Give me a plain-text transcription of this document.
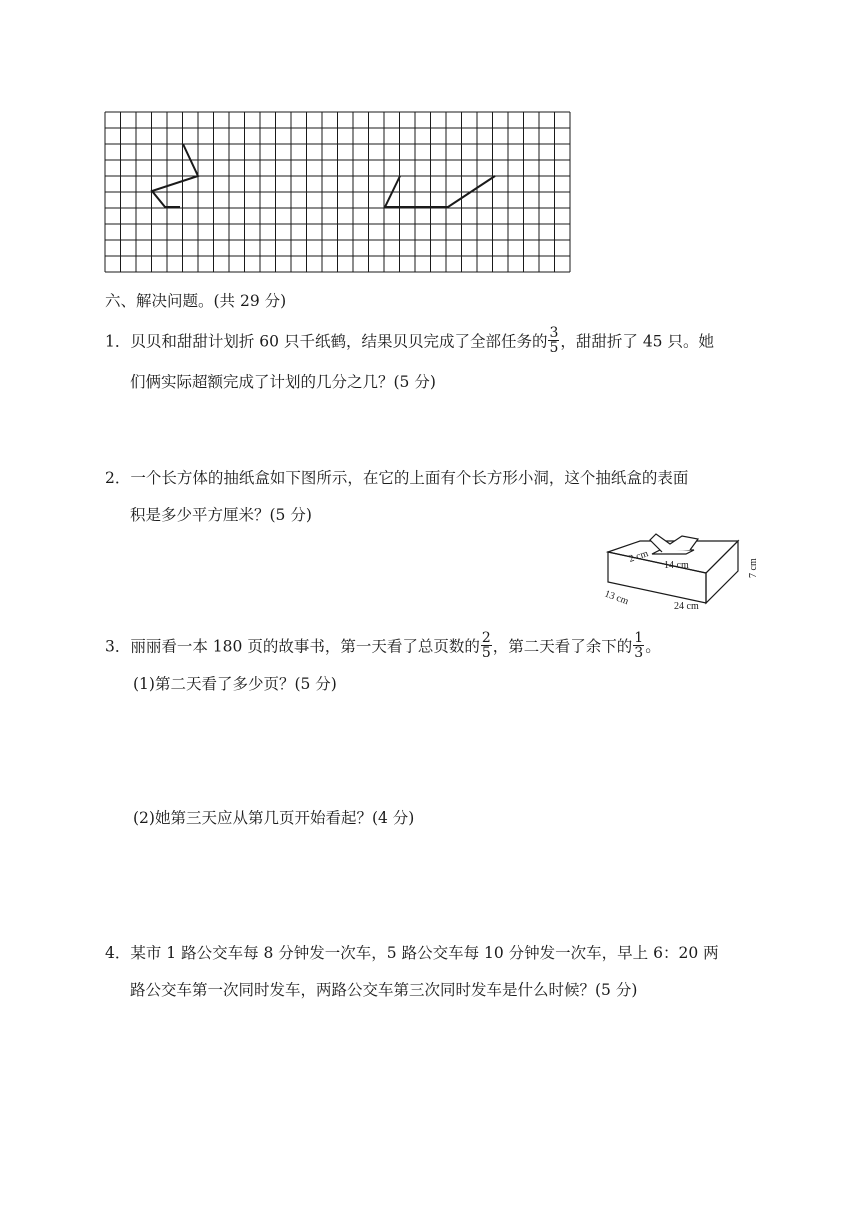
六、解决问题。(共 29 分)
1．贝贝和甜甜计划折 60 只千纸鹤，结果贝贝完成了全部任务的 $\frac{3}{5}$ ，甜甜折了 45 只。她
们俩实际超额完成了计划的几分之几？(5 分)
2．一个长方体的抽纸盒如下图所示，在它的上面有个长方形小洞，这个抽纸盒的表面
积是多少平方厘米？(5 分)
2 cm
14 cm	7 cm
13 cm	24 cm
3．丽丽看一本 180 页的故事书，第一天看了总页数的 $\frac{2}{5}$ ，第二天看了余下的 $\frac{1}{3}$ 。
(1)第二天看了多少页？(5 分)
(2)她第三天应从第几页开始看起？(4 分)
4．某市 1 路公交车每 8 分钟发一次车，5 路公交车每 10 分钟发一次车，早上 6：20 两
路公交车第一次同时发车，两路公交车第三次同时发车是什么时候？(5 分)
